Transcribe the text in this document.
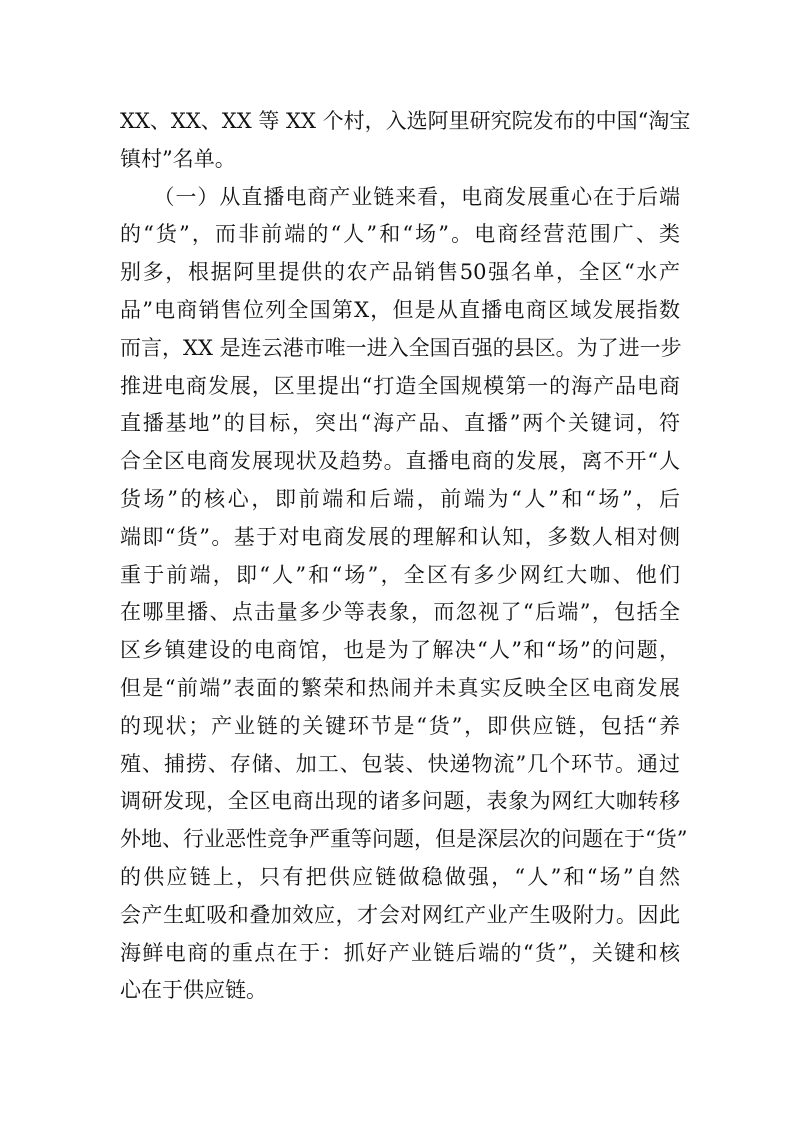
XX、XX、XX 等 XX 个村，入选阿里研究院发布的中国“淘宝
镇村”名单。
　　（一）从直播电商产业链来看，电商发展重心在于后端
的“货”，而非前端的“人”和“场”。电商经营范围广、类
别多，根据阿里提供的农产品销售50强名单，全区“水产
品”电商销售位列全国第X，但是从直播电商区域发展指数
而言，XX 是连云港市唯一进入全国百强的县区。为了进一步
推进电商发展，区里提出“打造全国规模第一的海产品电商
直播基地”的目标，突出“海产品、直播”两个关键词，符
合全区电商发展现状及趋势。直播电商的发展，离不开“人
货场”的核心，即前端和后端，前端为“人”和“场”，后
端即“货”。基于对电商发展的理解和认知，多数人相对侧
重于前端，即“人”和“场”，全区有多少网红大咖、他们
在哪里播、点击量多少等表象，而忽视了“后端”，包括全
区乡镇建设的电商馆，也是为了解决“人”和“场”的问题，
但是“前端”表面的繁荣和热闹并未真实反映全区电商发展
的现状；产业链的关键环节是“货”，即供应链，包括“养
殖、捕捞、存储、加工、包装、快递物流”几个环节。通过
调研发现，全区电商出现的诸多问题，表象为网红大咖转移
外地、行业恶性竞争严重等问题，但是深层次的问题在于“货”
的供应链上，只有把供应链做稳做强，“人”和“场”自然
会产生虹吸和叠加效应，才会对网红产业产生吸附力。因此
海鲜电商的重点在于：抓好产业链后端的“货”，关键和核
心在于供应链。
